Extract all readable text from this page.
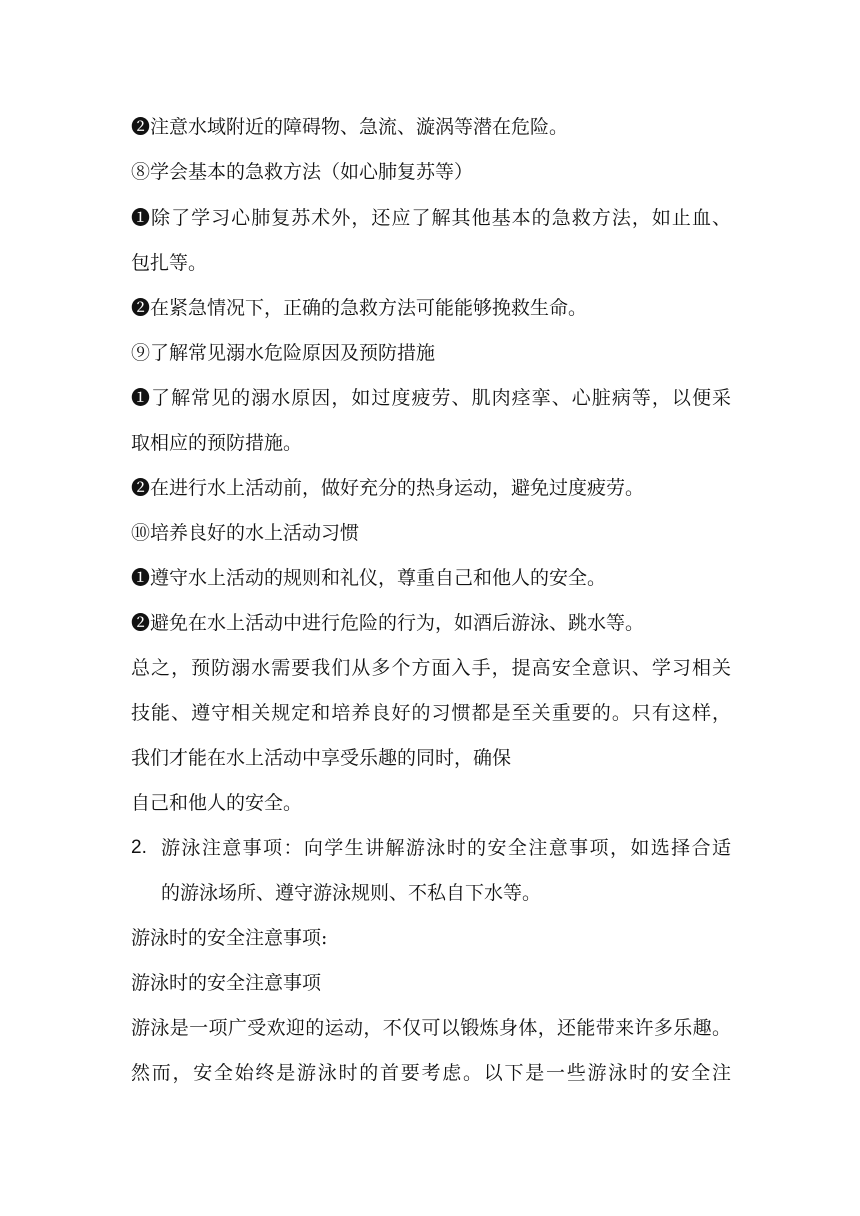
❷注意水域附近的障碍物、急流、漩涡等潜在危险。
⑧学会基本的急救方法（如心肺复苏等）
❶除了学习心肺复苏术外，还应了解其他基本的急救方法，如止血、
包扎等。
❷在紧急情况下，正确的急救方法可能能够挽救生命。
⑨了解常见溺水危险原因及预防措施
❶了解常见的溺水原因，如过度疲劳、肌肉痉挛、心脏病等，以便采
取相应的预防措施。
❷在进行水上活动前，做好充分的热身运动，避免过度疲劳。
⑩培养良好的水上活动习惯
❶遵守水上活动的规则和礼仪，尊重自己和他人的安全。
❷避免在水上活动中进行危险的行为，如酒后游泳、跳水等。
总之，预防溺水需要我们从多个方面入手，提高安全意识、学习相关
技能、遵守相关规定和培养良好的习惯都是至关重要的。只有这样，
我们才能在水上活动中享受乐趣的同时，确保
自己和他人的安全。
2. 游泳注意事项：向学生讲解游泳时的安全注意事项，如选择合适
的游泳场所、遵守游泳规则、不私自下水等。
游泳时的安全注意事项:
游泳时的安全注意事项
游泳是一项广受欢迎的运动，不仅可以锻炼身体，还能带来许多乐趣。
然而，安全始终是游泳时的首要考虑。以下是一些游泳时的安全注
